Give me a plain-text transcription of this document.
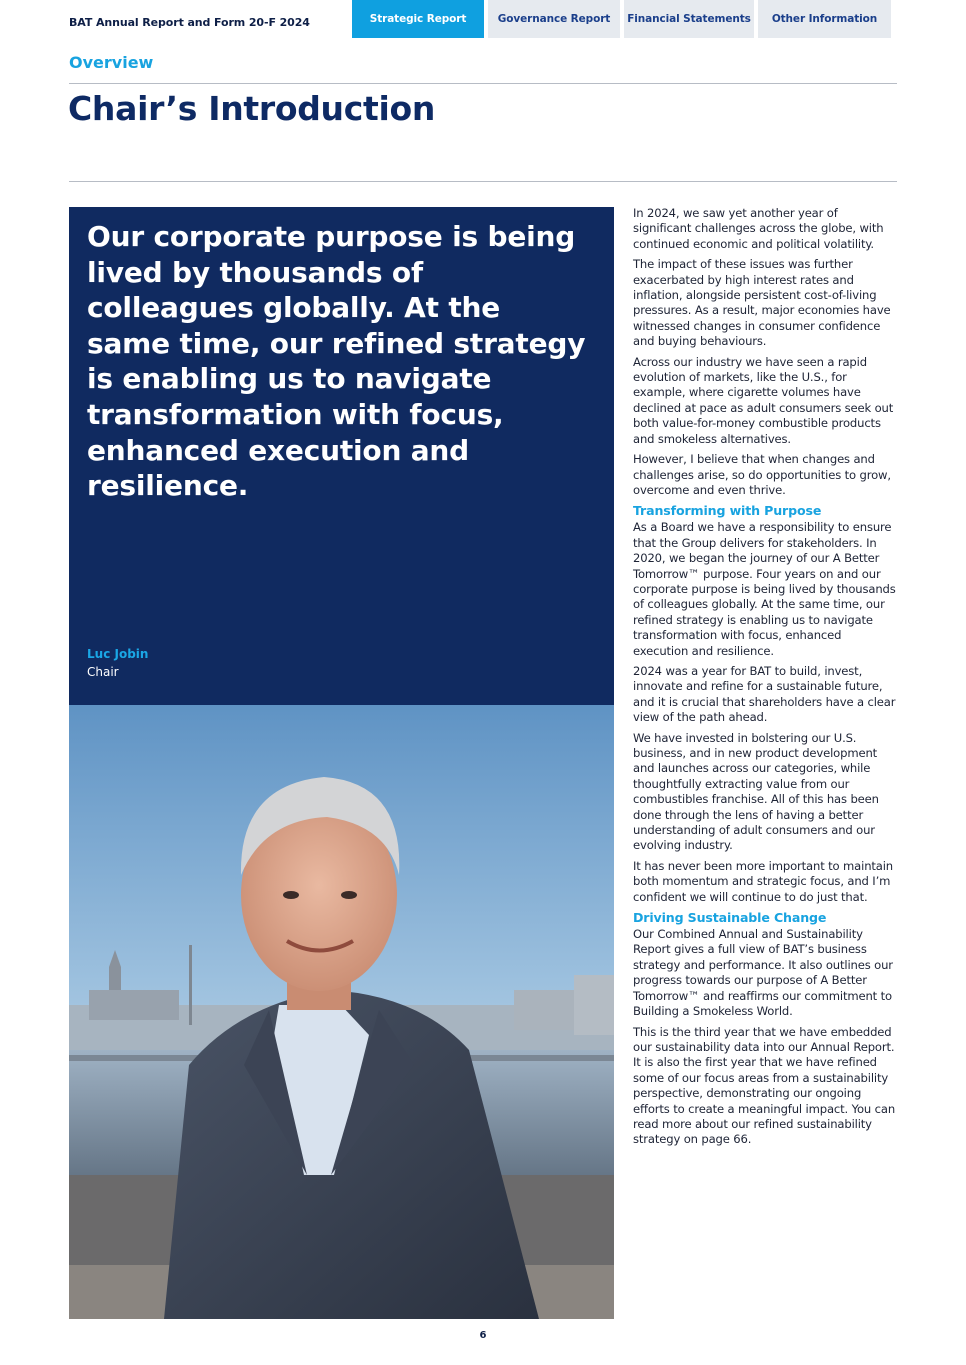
BAT Annual Report and Form 20-F 2024	Strategic Report	Governance Report	Financial Statements	Other Information
Overview
Chair’s Introduction
Our corporate purpose is being lived by thousands of colleagues globally. At the same time, our refined strategy is enabling us to navigate transformation with focus, enhanced execution and resilience.
Luc Jobin
Chair

In 2024, we saw yet another year of significant challenges across the globe, with continued economic and political volatility.

The impact of these issues was further exacerbated by high interest rates and inflation, alongside persistent cost-of-living pressures. As a result, major economies have witnessed changes in consumer confidence and buying behaviours.

Across our industry we have seen a rapid evolution of markets, like the U.S., for example, where cigarette volumes have declined at pace as adult consumers seek out both value-for-money combustible products and smokeless alternatives.

However, I believe that when changes and challenges arise, so do opportunities to grow, overcome and even thrive.

Transforming with Purpose

As a Board we have a responsibility to ensure that the Group delivers for stakeholders. In 2020, we began the journey of our A Better Tomorrow™ purpose. Four years on and our corporate purpose is being lived by thousands of colleagues globally. At the same time, our refined strategy is enabling us to navigate transformation with focus, enhanced execution and resilience.

2024 was a year for BAT to build, invest, innovate and refine for a sustainable future, and it is crucial that shareholders have a clear view of the path ahead.

We have invested in bolstering our U.S. business, and in new product development and launches across our categories, while thoughtfully extracting value from our combustibles franchise. All of this has been done through the lens of having a better understanding of adult consumers and our evolving industry.

It has never been more important to maintain both momentum and strategic focus, and I’m confident we will continue to do just that.

Driving Sustainable Change

Our Combined Annual and Sustainability Report gives a full view of BAT’s business strategy and performance. It also outlines our progress towards our purpose of A Better Tomorrow™ and reaffirms our commitment to Building a Smokeless World.

This is the third year that we have embedded our sustainability data into our Annual Report. It is also the first year that we have refined some of our focus areas from a sustainability perspective, demonstrating our ongoing efforts to create a meaningful impact. You can read more about our refined sustainability strategy on page 66.

6
